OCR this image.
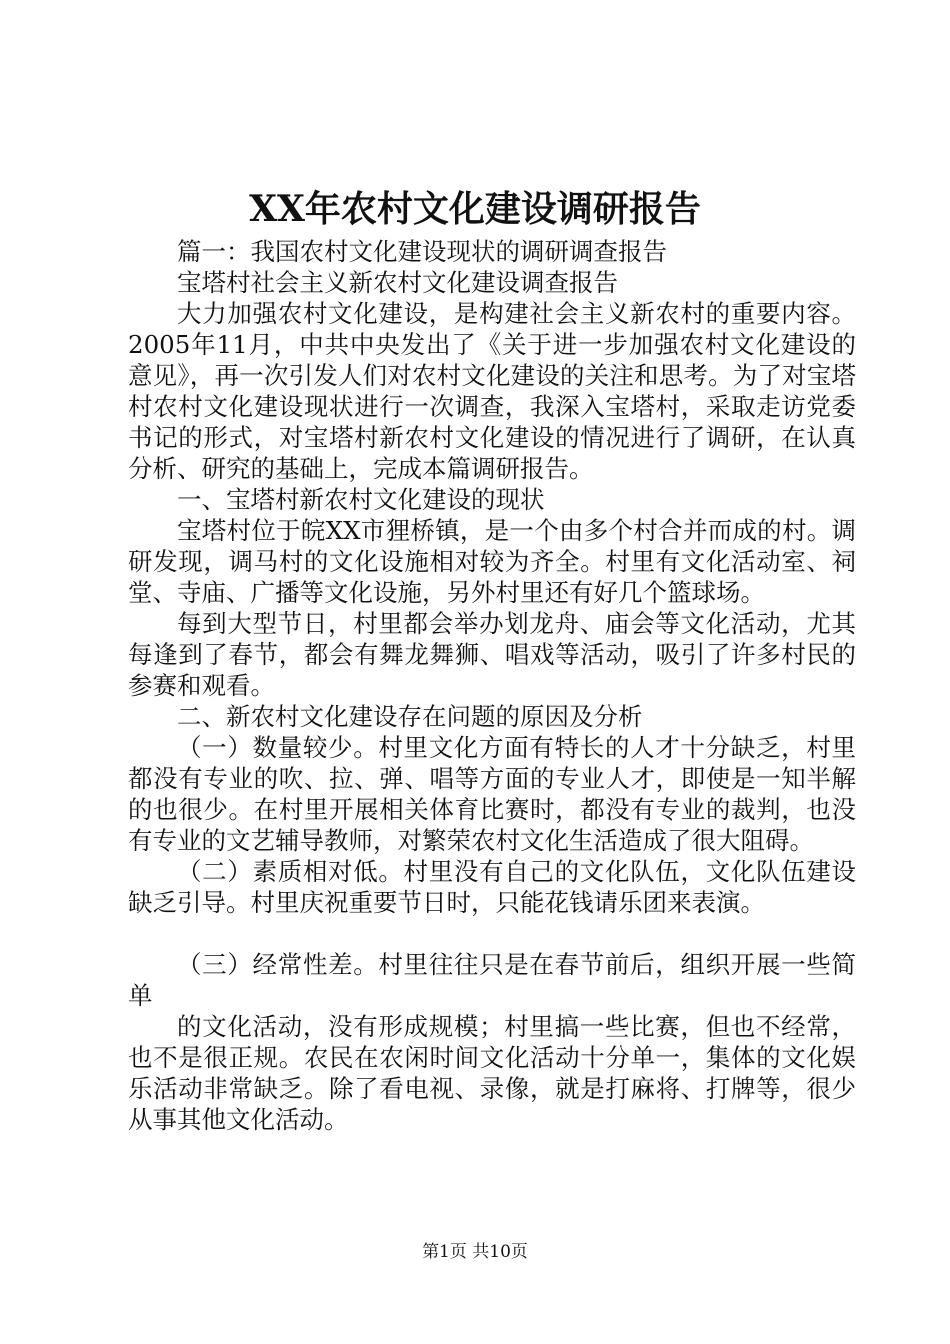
XX年农村文化建设调研报告

篇一：我国农村文化建设现状的调研调查报告

宝塔村社会主义新农村文化建设调查报告

大力加强农村文化建设，是构建社会主义新农村的重要内容。2005年11月，中共中央发出了《关于进一步加强农村文化建设的意见》，再一次引发人们对农村文化建设的关注和思考。为了对宝塔村农村文化建设现状进行一次调查，我深入宝塔村，采取走访党委书记的形式，对宝塔村新农村文化建设的情况进行了调研，在认真分析、研究的基础上，完成本篇调研报告。

一、宝塔村新农村文化建设的现状

宝塔村位于皖XX市狸桥镇，是一个由多个村合并而成的村。调研发现，调马村的文化设施相对较为齐全。村里有文化活动室、祠堂、寺庙、广播等文化设施，另外村里还有好几个篮球场。

每到大型节日，村里都会举办划龙舟、庙会等文化活动，尤其每逢到了春节，都会有舞龙舞狮、唱戏等活动，吸引了许多村民的参赛和观看。

二、新农村文化建设存在问题的原因及分析

（一）数量较少。村里文化方面有特长的人才十分缺乏，村里都没有专业的吹、拉、弹、唱等方面的专业人才，即使是一知半解的也很少。在村里开展相关体育比赛时，都没有专业的裁判，也没有专业的文艺辅导教师，对繁荣农村文化生活造成了很大阻碍。

（二）素质相对低。村里没有自己的文化队伍，文化队伍建设缺乏引导。村里庆祝重要节日时，只能花钱请乐团来表演。

（三）经常性差。村里往往只是在春节前后，组织开展一些简单

的文化活动，没有形成规模；村里搞一些比赛，但也不经常，也不是很正规。农民在农闲时间文化活动十分单一，集体的文化娱乐活动非常缺乏。除了看电视、录像，就是打麻将、打牌等，很少从事其他文化活动。

第1页 共10页
